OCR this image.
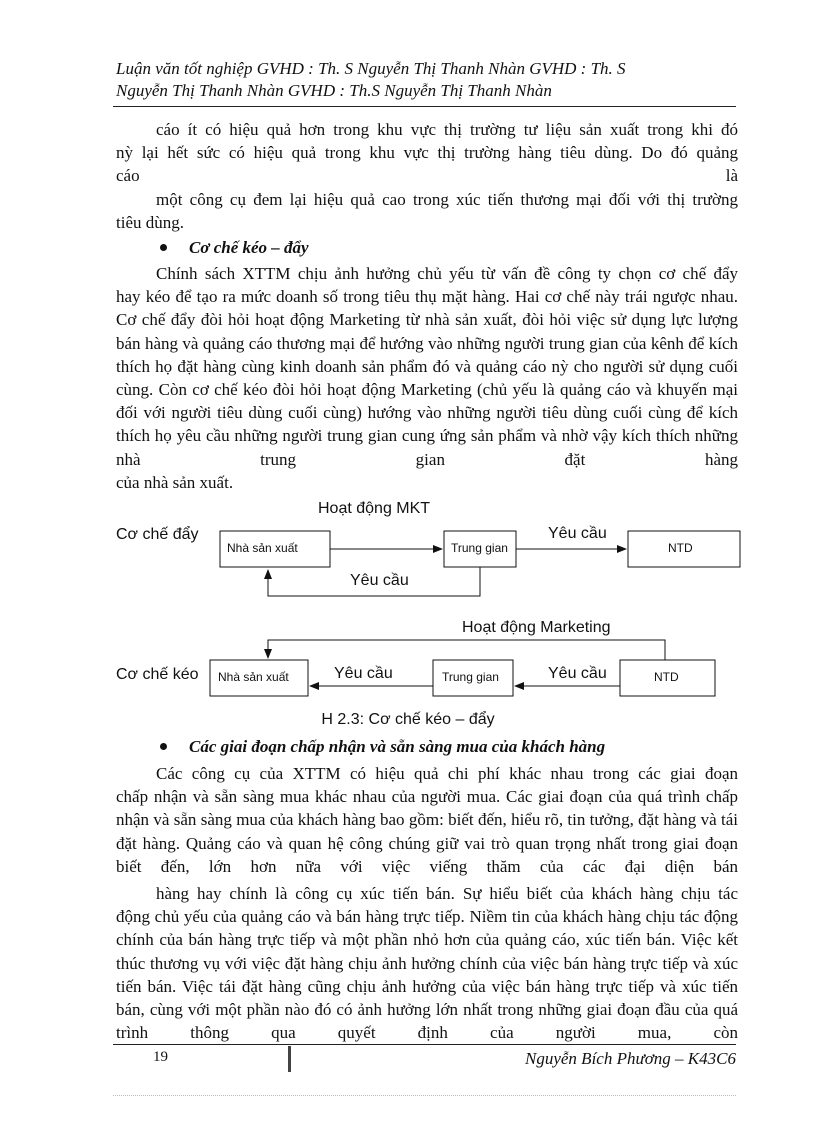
Luận văn tốt nghiệp GVHD : Th. S Nguyễn Thị Thanh Nhàn GVHD : Th. S
Nguyễn Thị Thanh Nhàn GVHD : Th.S Nguyễn Thị Thanh Nhàn
cáo ít có hiệu quả hơn trong khu vực thị trường tư liệu sản xuất trong khi đó
nỳ lại hết sức có hiệu quả trong khu vực thị trường hàng tiêu dùng. Do đó quảng
cáo	là
một công cụ đem lại hiệu quả cao trong xúc tiến thương mại đối với thị trường
tiêu dùng.
Cơ chế kéo – đẩy
Chính sách XTTM chịu ảnh hưởng chủ yếu từ vấn đề công ty chọn cơ chế đẩy
hay kéo để tạo ra mức doanh số trong tiêu thụ mặt hàng. Hai cơ chế này trái ngược nhau. Cơ chế đẩy đòi hỏi hoạt động Marketing từ nhà sản xuất, đòi hỏi việc sử dụng lực lượng bán hàng và quảng cáo thương mại để hướng vào những người trung gian của kênh để kích thích họ đặt hàng cùng kinh doanh sản phẩm đó và quảng cáo nỳ cho người sử dụng cuối cùng. Còn cơ chế kéo đòi hỏi hoạt động Marketing (chủ yếu là quảng cáo và khuyến mại đối với người tiêu dùng cuối cùng) hướng vào những người tiêu dùng cuối cùng để kích thích họ yêu cầu những người trung gian cung ứng sản phẩm và nhờ vậy kích thích những nhà trung gian đặt hàng
của nhà sản xuất.
Hoạt động MKT
Cơ chế đẩy
Nhà sản xuất	Trung gian	NTD
Yêu cầu
Yêu cầu
Hoạt động Marketing
Cơ chế kéo Nhà sản xuất	Trung gian	NTD
Yêu cầu
Yêu cầu
H 2.3: Cơ chế kéo – đẩy
Các giai đoạn chấp nhận và sẵn sàng mua của khách hàng
Các công cụ của XTTM có hiệu quả chi phí khác nhau trong các giai đoạn
chấp nhận và sẵn sàng mua khác nhau của người mua. Các giai đoạn của quá trình chấp nhận và sẵn sàng mua của khách hàng bao gồm: biết đến, hiểu rõ, tin tưởng, đặt hàng và tái đặt hàng. Quảng cáo và quan hệ công chúng giữ vai trò quan trọng nhất trong giai đoạn biết đến, lớn hơn nữa với việc viếng thăm của các đại diện bán
hàng hay chính là công cụ xúc tiến bán. Sự hiểu biết của khách hàng chịu tác
động chủ yếu của quảng cáo và bán hàng trực tiếp. Niềm tin của khách hàng chịu tác động chính của bán hàng trực tiếp và một phần nhỏ hơn của quảng cáo, xúc tiến bán. Việc kết thúc thương vụ với việc đặt hàng chịu ảnh hưởng chính của việc bán hàng trực tiếp và xúc tiến bán. Việc tái đặt hàng cũng chịu ảnh hưởng của việc bán hàng trực tiếp và xúc tiến bán, cùng với một phần nào đó có ảnh hưởng lớn nhất trong những giai đoạn đầu của quá trình thông qua quyết định của người mua, còn
19	Nguyễn Bích Phương – K43C6
